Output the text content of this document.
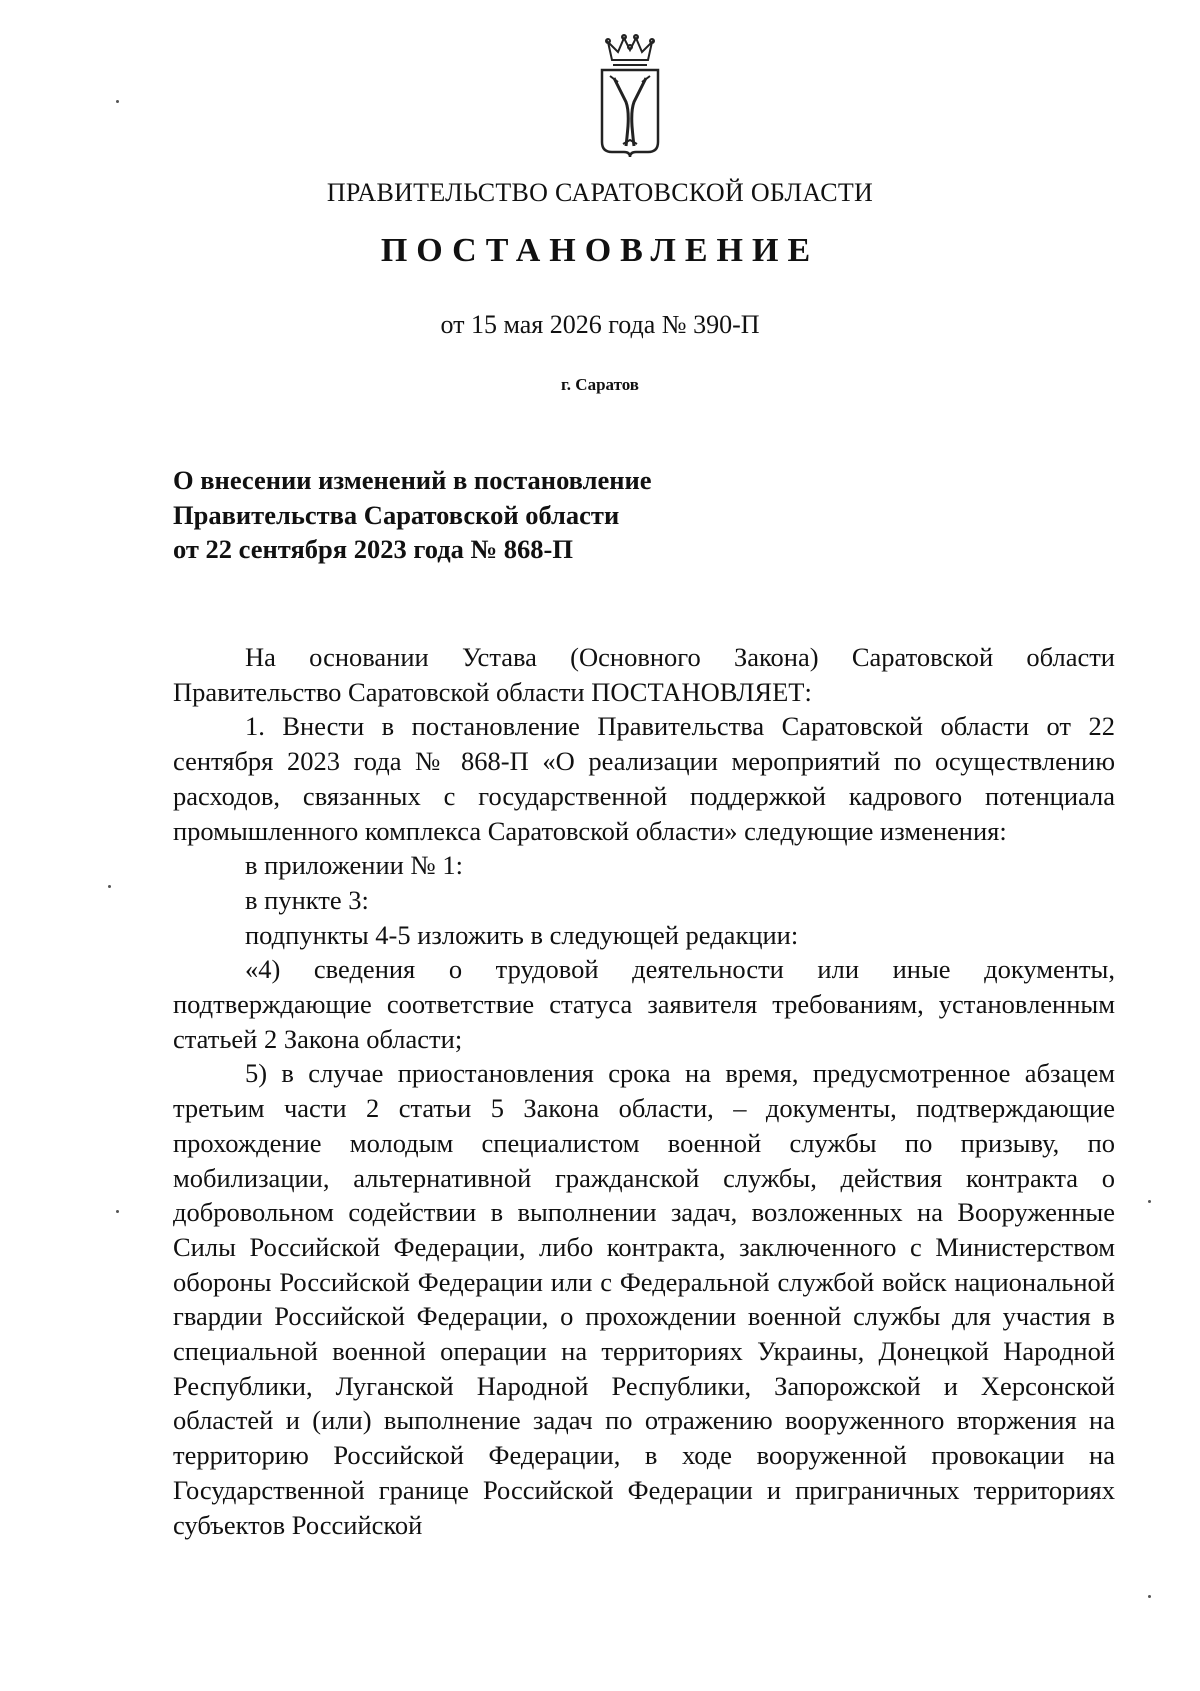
ПРАВИТЕЛЬСТВО САРАТОВСКОЙ ОБЛАСТИ
ПОСТАНОВЛЕНИЕ
от 15 мая 2026 года № 390-П
г. Саратов
О внесении изменений в постановление
Правительства Саратовской области
от 22 сентября 2023 года № 868-П

На основании Устава (Основного Закона) Саратовской области Правительство Саратовской области ПОСТАНОВЛЯЕТ:

1. Внести в постановление Правительства Саратовской области от 22 сентября 2023 года № 868-П «О реализации мероприятий по осуществлению расходов, связанных с государственной поддержкой кадрового потенциала промышленного комплекса Саратовской области» следующие изменения:

в приложении № 1:

в пункте 3:

подпункты 4-5 изложить в следующей редакции:

«4) сведения о трудовой деятельности или иные документы, подтверждающие соответствие статуса заявителя требованиям, установленным статьей 2 Закона области;

5) в случае приостановления срока на время, предусмотренное абзацем третьим части 2 статьи 5 Закона области, – документы, подтверждающие прохождение молодым специалистом военной службы по призыву, по мобилизации, альтернативной гражданской службы, действия контракта о добровольном содействии в выполнении задач, возложенных на Вооруженные Силы Российской Федерации, либо контракта, заключенного с Министерством обороны Российской Федерации или с Федеральной службой войск национальной гвардии Российской Федерации, о прохождении военной службы для участия в специальной военной операции на территориях Украины, Донецкой Народной Республики, Луганской Народной Республики, Запорожской и Херсонской областей и (или) выполнение задач по отражению вооруженного вторжения на территорию Российской Федерации, в ходе вооруженной провокации на Государственной границе Российской Федерации и приграничных территориях субъектов Российской
